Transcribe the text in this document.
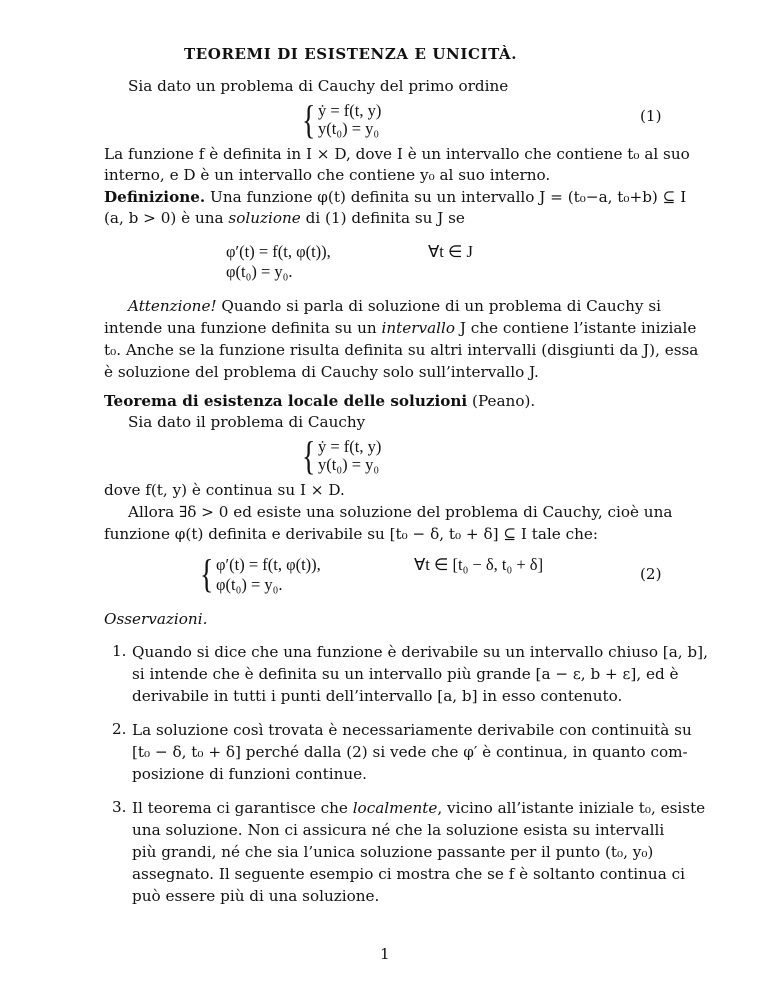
TEOREMI DI ESISTENZA E UNICITÀ.
Sia dato un problema di Cauchy del primo ordine
{ ẏ = f(t, y)
y(t₀) = y₀
(1)
La funzione f è definita in I × D, dove I è un intervallo che contiene t₀ al suo
interno, e D è un intervallo che contiene y₀ al suo interno.
Definizione. Una funzione φ(t) definita su un intervallo J = (t₀−a, t₀+b) ⊆ I
(a, b > 0) è una soluzione di (1) definita su J se
φ′(t) = f(t, φ(t)),	∀t ∈ J
φ(t₀) = y₀.
Attenzione! Quando si parla di soluzione di un problema di Cauchy si
intende una funzione definita su un intervallo J che contiene l’istante iniziale
t₀. Anche se la funzione risulta definita su altri intervalli (disgiunti da J), essa
è soluzione del problema di Cauchy solo sull’intervallo J.
Teorema di esistenza locale delle soluzioni (Peano).
Sia dato il problema di Cauchy
{ ẏ = f(t, y)
y(t₀) = y₀
dove f(t, y) è continua su I × D.
Allora ∃δ > 0 ed esiste una soluzione del problema di Cauchy, cioè una
funzione φ(t) definita e derivabile su [t₀ − δ, t₀ + δ] ⊆ I tale che:
{ φ′(t) = f(t, φ(t)),	∀t ∈ [t₀ − δ, t₀ + δ]
φ(t₀) = y₀.
(2)
Osservazioni.
1. Quando si dice che una funzione è derivabile su un intervallo chiuso [a, b],
si intende che è definita su un intervallo più grande [a − ε, b + ε], ed è
derivabile in tutti i punti dell’intervallo [a, b] in esso contenuto.
2. La soluzione così trovata è necessariamente derivabile con continuità su
[t₀ − δ, t₀ + δ] perché dalla (2) si vede che φ′ è continua, in quanto com-
posizione di funzioni continue.
3. Il teorema ci garantisce che localmente, vicino all’istante iniziale t₀, esiste
una soluzione. Non ci assicura né che la soluzione esista su intervalli
più grandi, né che sia l’unica soluzione passante per il punto (t₀, y₀)
assegnato. Il seguente esempio ci mostra che se f è soltanto continua ci
può essere più di una soluzione.
1
